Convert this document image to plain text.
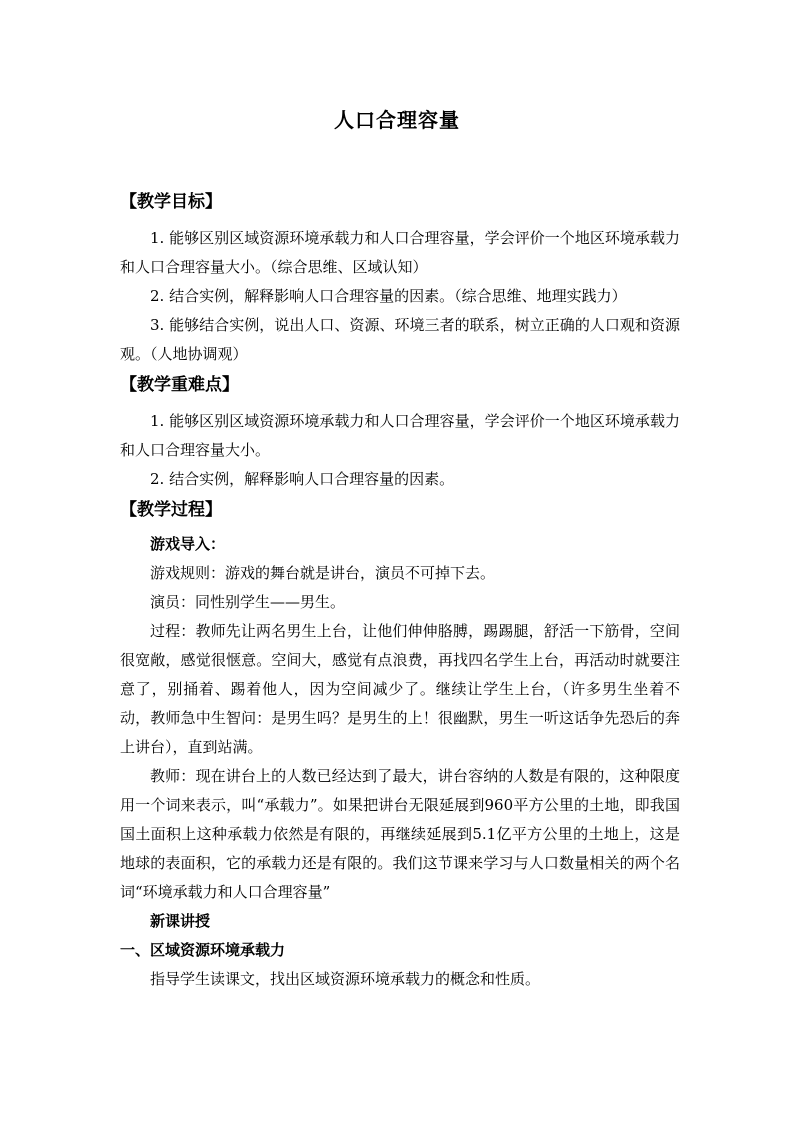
人口合理容量

【教学目标】

1. 能够区别区域资源环境承载力和人口合理容量，学会评价一个地区环境承载力和人口合理容量大小。（综合思维、区域认知）

2. 结合实例，解释影响人口合理容量的因素。（综合思维、地理实践力）

3. 能够结合实例，说出人口、资源、环境三者的联系，树立正确的人口观和资源观。（人地协调观）

【教学重难点】

1. 能够区别区域资源环境承载力和人口合理容量，学会评价一个地区环境承载力和人口合理容量大小。

2. 结合实例，解释影响人口合理容量的因素。

【教学过程】

游戏导入：

游戏规则：游戏的舞台就是讲台，演员不可掉下去。

演员：同性别学生——男生。

过程：教师先让两名男生上台，让他们伸伸胳膊，踢踢腿，舒活一下筋骨，空间很宽敞，感觉很惬意。空间大，感觉有点浪费，再找四名学生上台，再活动时就要注意了，别捅着、踢着他人，因为空间减少了。继续让学生上台，（许多男生坐着不动，教师急中生智问：是男生吗？是男生的上！很幽默，男生一听这话争先恐后的奔上讲台），直到站满。

教师：现在讲台上的人数已经达到了最大，讲台容纳的人数是有限的，这种限度用一个词来表示，叫“承载力”。如果把讲台无限延展到960平方公里的土地，即我国国土面积上这种承载力依然是有限的，再继续延展到5.1亿平方公里的土地上，这是地球的表面积，它的承载力还是有限的。我们这节课来学习与人口数量相关的两个名词“环境承载力和人口合理容量”

新课讲授

一、区域资源环境承载力

指导学生读课文，找出区域资源环境承载力的概念和性质。
